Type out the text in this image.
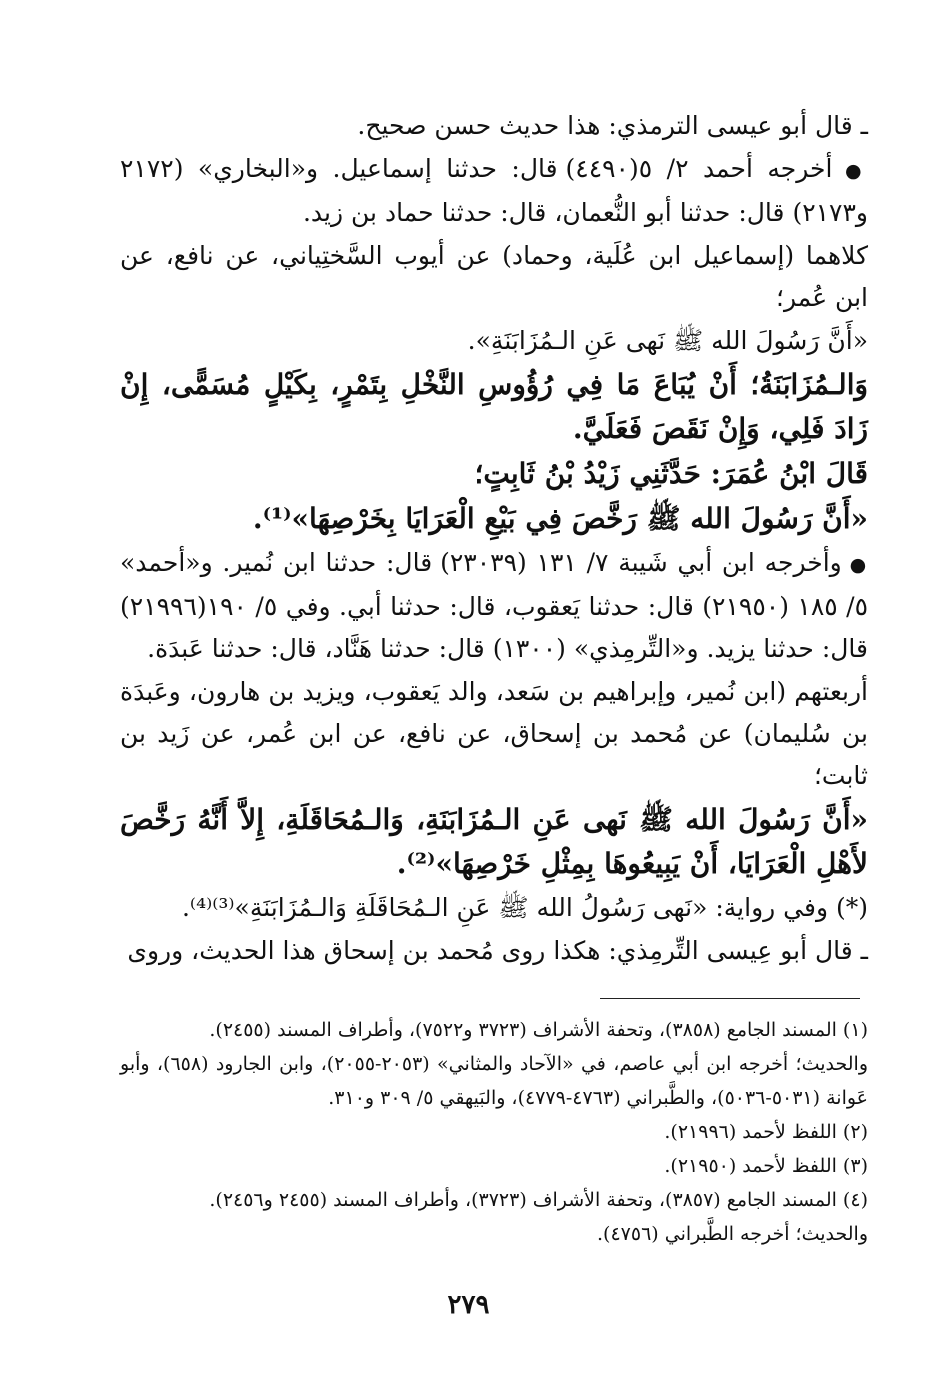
ـ قال أبو عيسى الترمذي: هذا حديث حسن صحيح.

● أخرجه أحمد ٢/ ٥(٤٤٩٠) قال: حدثنا إسماعيل. و«البخاري» (٢١٧٢ و٢١٧٣) قال: حدثنا أبو النُّعمان، قال: حدثنا حماد بن زيد.

كلاهما (إسماعيل ابن عُلَية، وحماد) عن أيوب السَّختِياني، عن نافع، عن ابن عُمر؛

«أَنَّ رَسُولَ الله ﷺ نَهى عَنِ الـمُزَابَنَةِ».

وَالـمُزَابَنَةُ؛ أَنْ يُبَاعَ مَا فِي رُؤُوسِ النَّخْلِ بِتَمْرٍ، بِكَيْلٍ مُسَمًّى، إِنْ زَادَ فَلِي، وَإِنْ نَقَصَ فَعَلَيَّ.

قَالَ ابْنُ عُمَرَ: حَدَّثَنِي زَيْدُ بْنُ ثَابِتٍ؛

«أَنَّ رَسُولَ الله ﷺ رَخَّصَ فِي بَيْعِ الْعَرَايَا بِخَرْصِهَا»⁽¹⁾.

● وأخرجه ابن أبي شَيبة ٧/ ١٣١ (٢٣٠٣٩) قال: حدثنا ابن نُمير. و«أحمد» ٥/ ١٨٥ (٢١٩٥٠) قال: حدثنا يَعقوب، قال: حدثنا أبي. وفي ٥/ ١٩٠(٢١٩٩٦) قال: حدثنا يزيد. و«التِّرمِذي» (١٣٠٠) قال: حدثنا هَنَّاد، قال: حدثنا عَبدَة.

أربعتهم (ابن نُمير، وإبراهيم بن سَعد، والد يَعقوب، ويزيد بن هارون، وعَبدَة بن سُليمان) عن مُحمد بن إسحاق، عن نافع، عن ابن عُمر، عن زَيد بن ثابت؛

«أَنَّ رَسُولَ الله ﷺ نَهى عَنِ الـمُزَابَنَةِ، وَالـمُحَاقَلَةِ، إِلاَّ أَنَّهُ رَخَّصَ لأَهْلِ الْعَرَايَا، أَنْ يَبِيعُوهَا بِمِثْلِ خَرْصِهَا»⁽²⁾.

(*) وفي رواية: «نَهى رَسُولُ الله ﷺ عَنِ الـمُحَاقَلَةِ وَالـمُزَابَنَةِ»⁽³⁾⁽⁴⁾.

ـ قال أبو عِيسى التِّرمِذي: هكذا روى مُحمد بن إسحاق هذا الحديث، وروى

(١) المسند الجامع (٣٨٥٨)، وتحفة الأشراف (٣٧٢٣ و٧٥٢٢)، وأطراف المسند (٢٤٥٥).

والحديث؛ أخرجه ابن أبي عاصم، في «الآحاد والمثاني» (٢٠٥٣-٢٠٥٥)، وابن الجارود (٦٥٨)، وأبو عَوانة (٥٠٣١-٥٠٣٦)، والطَّبراني (٤٧٦٣-٤٧٧٩)، والبَيهقي ٥/ ٣٠٩ و٣١٠.

(٢) اللفظ لأحمد (٢١٩٩٦).

(٣) اللفظ لأحمد (٢١٩٥٠).

(٤) المسند الجامع (٣٨٥٧)، وتحفة الأشراف (٣٧٢٣)، وأطراف المسند (٢٤٥٥ و٢٤٥٦).

والحديث؛ أخرجه الطَّبراني (٤٧٥٦).

٢٧٩
